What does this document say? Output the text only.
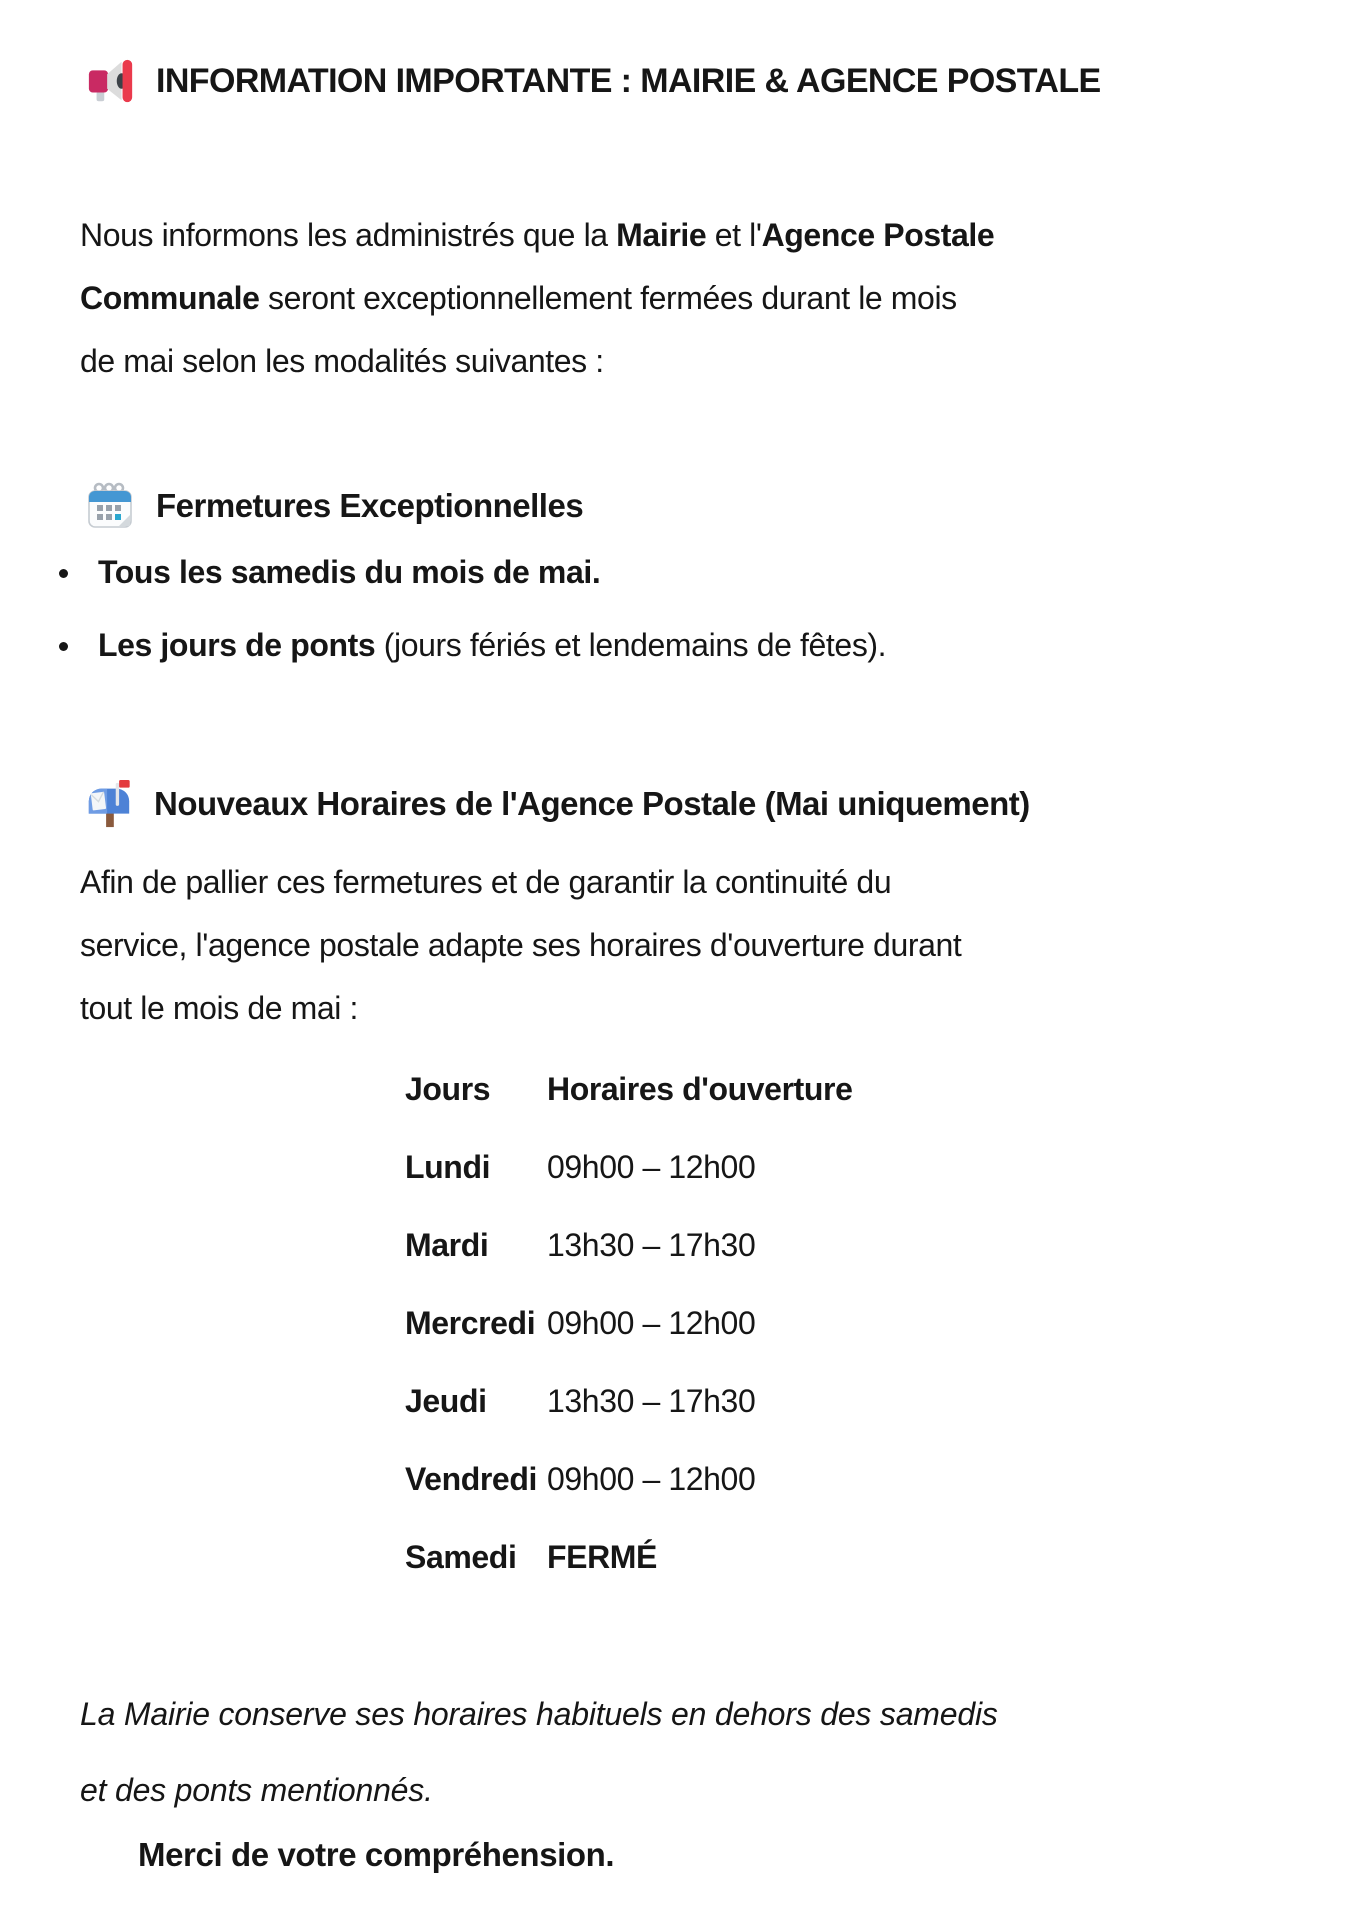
INFORMATION IMPORTANTE : MAIRIE & AGENCE POSTALE

Nous informons les administrés que la Mairie et l'Agence Postale
Communale seront exceptionnellement fermées durant le mois
de mai selon les modalités suivantes :

Fermetures Exceptionnelles
Tous les samedis du mois de mai.
Les jours de ponts (jours fériés et lendemains de fêtes).
Nouveaux Horaires de l'Agence Postale (Mai uniquement)

Afin de pallier ces fermetures et de garantir la continuité du
service, l'agence postale adapte ses horaires d'ouverture durant
tout le mois de mai :

Jours	Horaires d'ouverture
Lundi	09h00 – 12h00
Mardi	13h30 – 17h30
Mercredi 09h00 – 12h00
Jeudi	13h30 – 17h30
Vendredi 09h00 – 12h00
Samedi FERMÉ

La Mairie conserve ses horaires habituels en dehors des samedis
et des ponts mentionnés.

Merci de votre compréhension.
